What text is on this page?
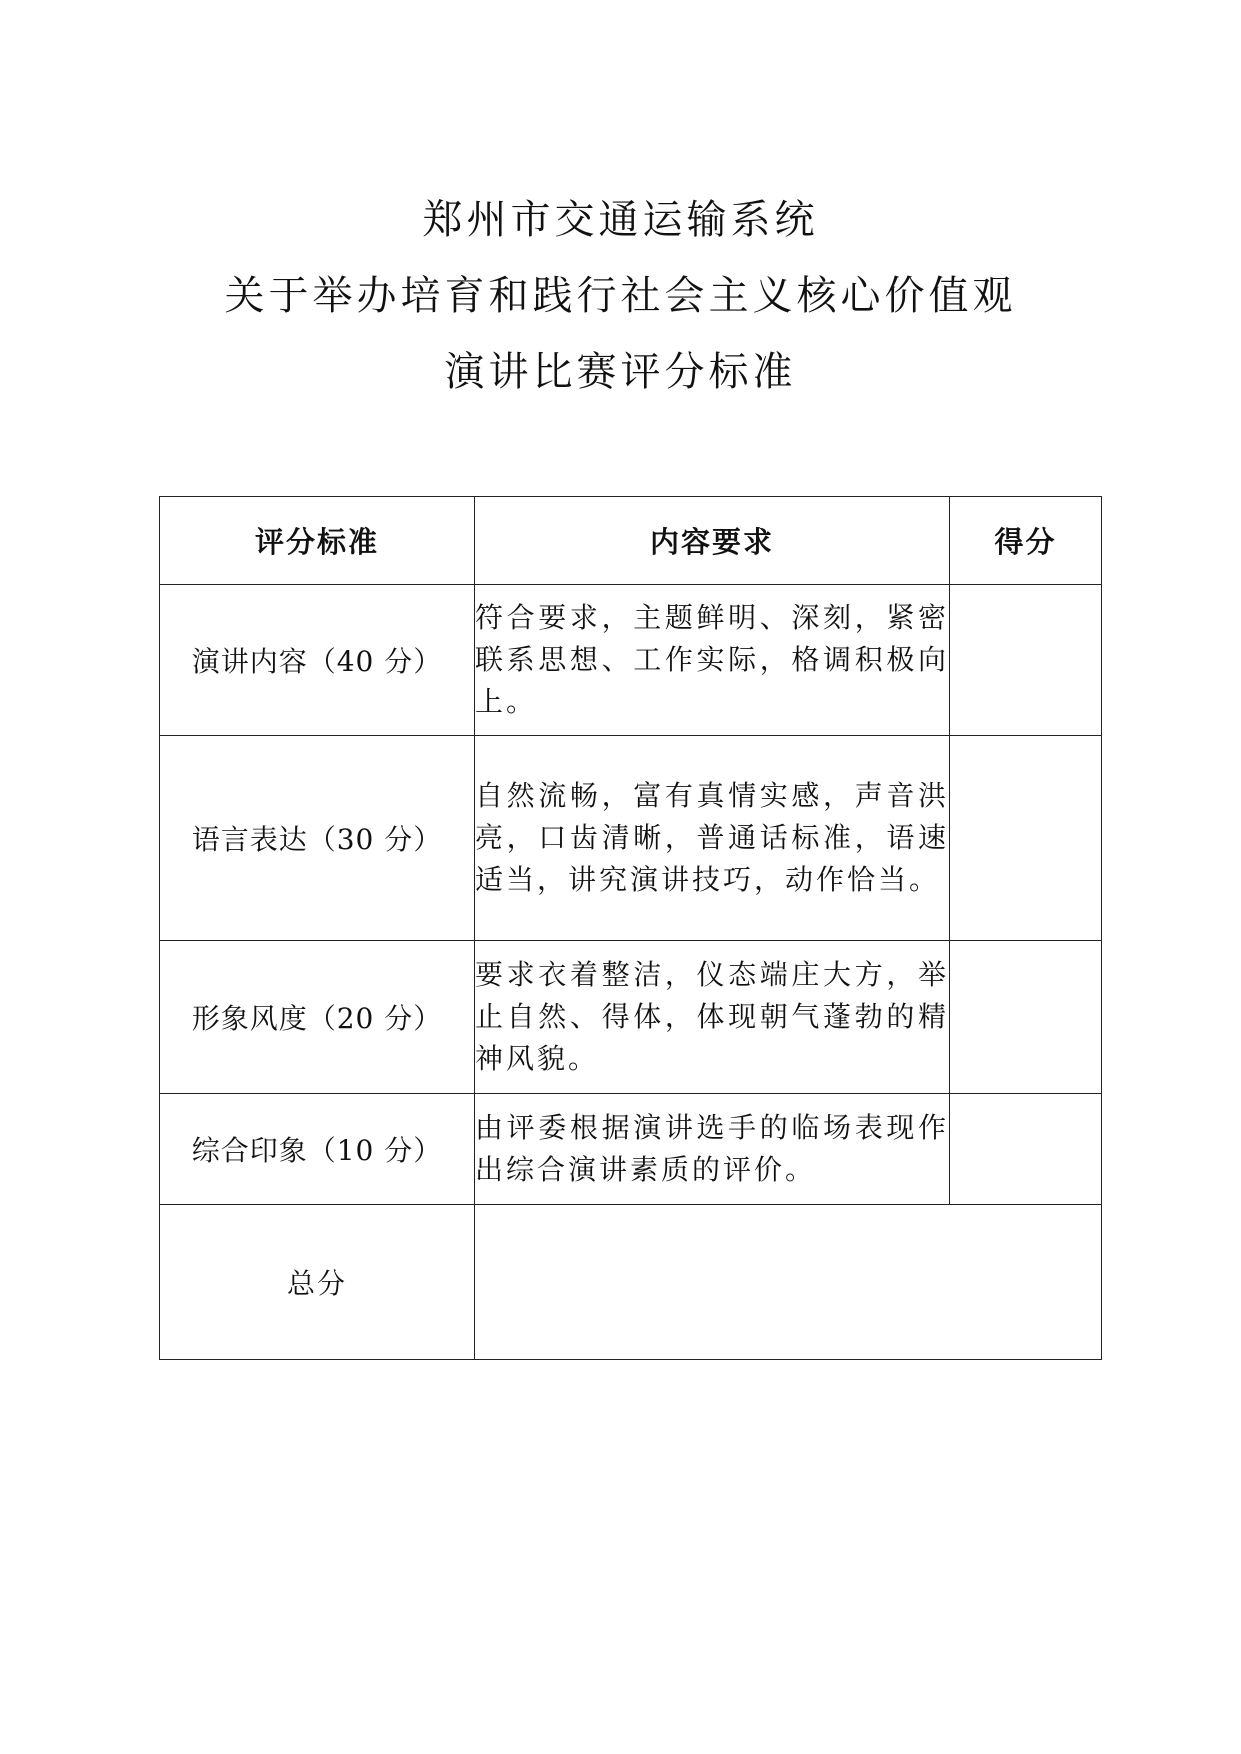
郑州市交通运输系统
关于举办培育和践行社会主义核心价值观
演讲比赛评分标准
评分标准	内容要求	得分
演讲内容（40 分）	符合要求，主题鲜明、深刻，紧密联系思想、工作实际，格调积极向上。	
语言表达（30 分）	自然流畅，富有真情实感，声音洪亮，口齿清晰，普通话标准，语速适当，讲究演讲技巧，动作恰当。	
形象风度（20 分）	要求衣着整洁，仪态端庄大方，举止自然、得体，体现朝气蓬勃的精神风貌。	
综合印象（10 分）	由评委根据演讲选手的临场表现作出综合演讲素质的评价。	
总分		
